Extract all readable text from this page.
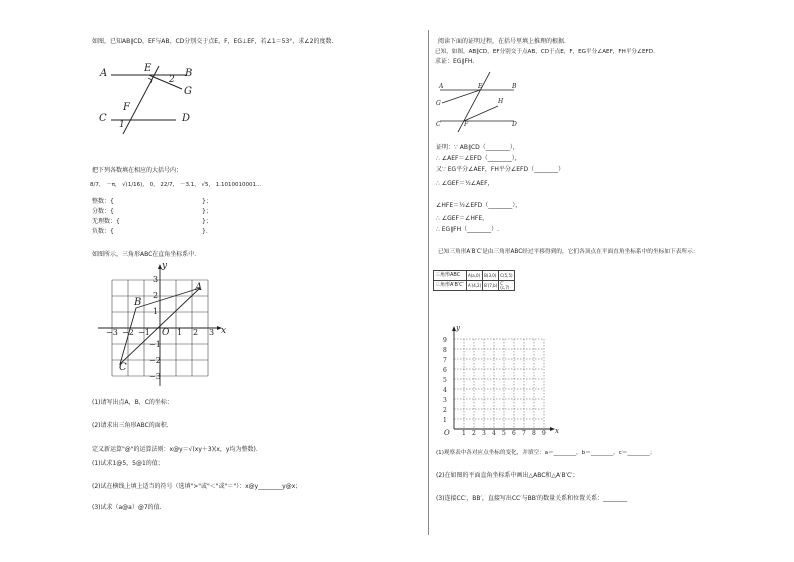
如图，已知AB∥CD，EF与AB、CD分别交于点E，F，EG⊥EF，若∠1＝53°，求∠2的度数.
A	E	B
2
G
F
C
1
D
把下列各数填在相应的大括号内：
8/7， －π， √(1/16)， 0， 22/7， －3.1， √5， 1.1010010001…
整数：{	}；
分数：{	}；
无理数：{	}；
负数：{	}.
如图所示，三角形ABC在直角坐标系中.
y
x
O
−3 −2 −1	1 2 3
3
2
1
−1
−2
−3
A
B
C
(1)请写出点A，B，C的坐标：
(2)请求出三角形ABC的面积.
定义新运算"@"的运算法则：x@y＝√(xy＋3)(x，y均为整数)．
(1)试求1@5，5@1的值；
(2)试在横线上填上适当的符号（选填">"或"＜"或"＝"）：x@y________y@x；
(3)试求（a@a）@7的值.
阅读下面的证明过程，在括号里填上推理的根据.
已知，如图，AB∥CD，EF分别交于点AB，CD于点E，F，EG平分∠AEF，FH平分∠EFD.
求证：EG∥FH.
A	E	B
G	H
C	F	D
证明：∵ AB∥CD（________），
∴ ∠AEF＝∠EFD（________），
又∵ EG平分∠AEF，FH平分∠EFD（________）
∴ ∠GEF＝½∠AEF，
∠HFE＝½∠EFD（________），
∴ ∠GEF＝∠HFE，
∴ EG∥FH（________）.
已知三角形A′B′C′是由三角形ABC经过平移得到的，它们各顶点在平面直角坐标系中的坐标如下表所示：
三角形ABC	A(a,0)	B(3,0)	C(5,5)
三角形A′B′C′	A′(4,2)	B′(7,b)	C′(c,7)
y
x
O
9
8
7
6
5
4
3
2
1
1 2 3 4 5 6 7 8 9
(1)观察表中各对应点坐标的变化，并填空：a＝________，b＝________，c＝________；
(2)在如图的平面直角坐标系中画出△ABC和△A′B′C′；
(3)连接CC′，BB′，直接写出CC′与BB′的数量关系和位置关系：________
